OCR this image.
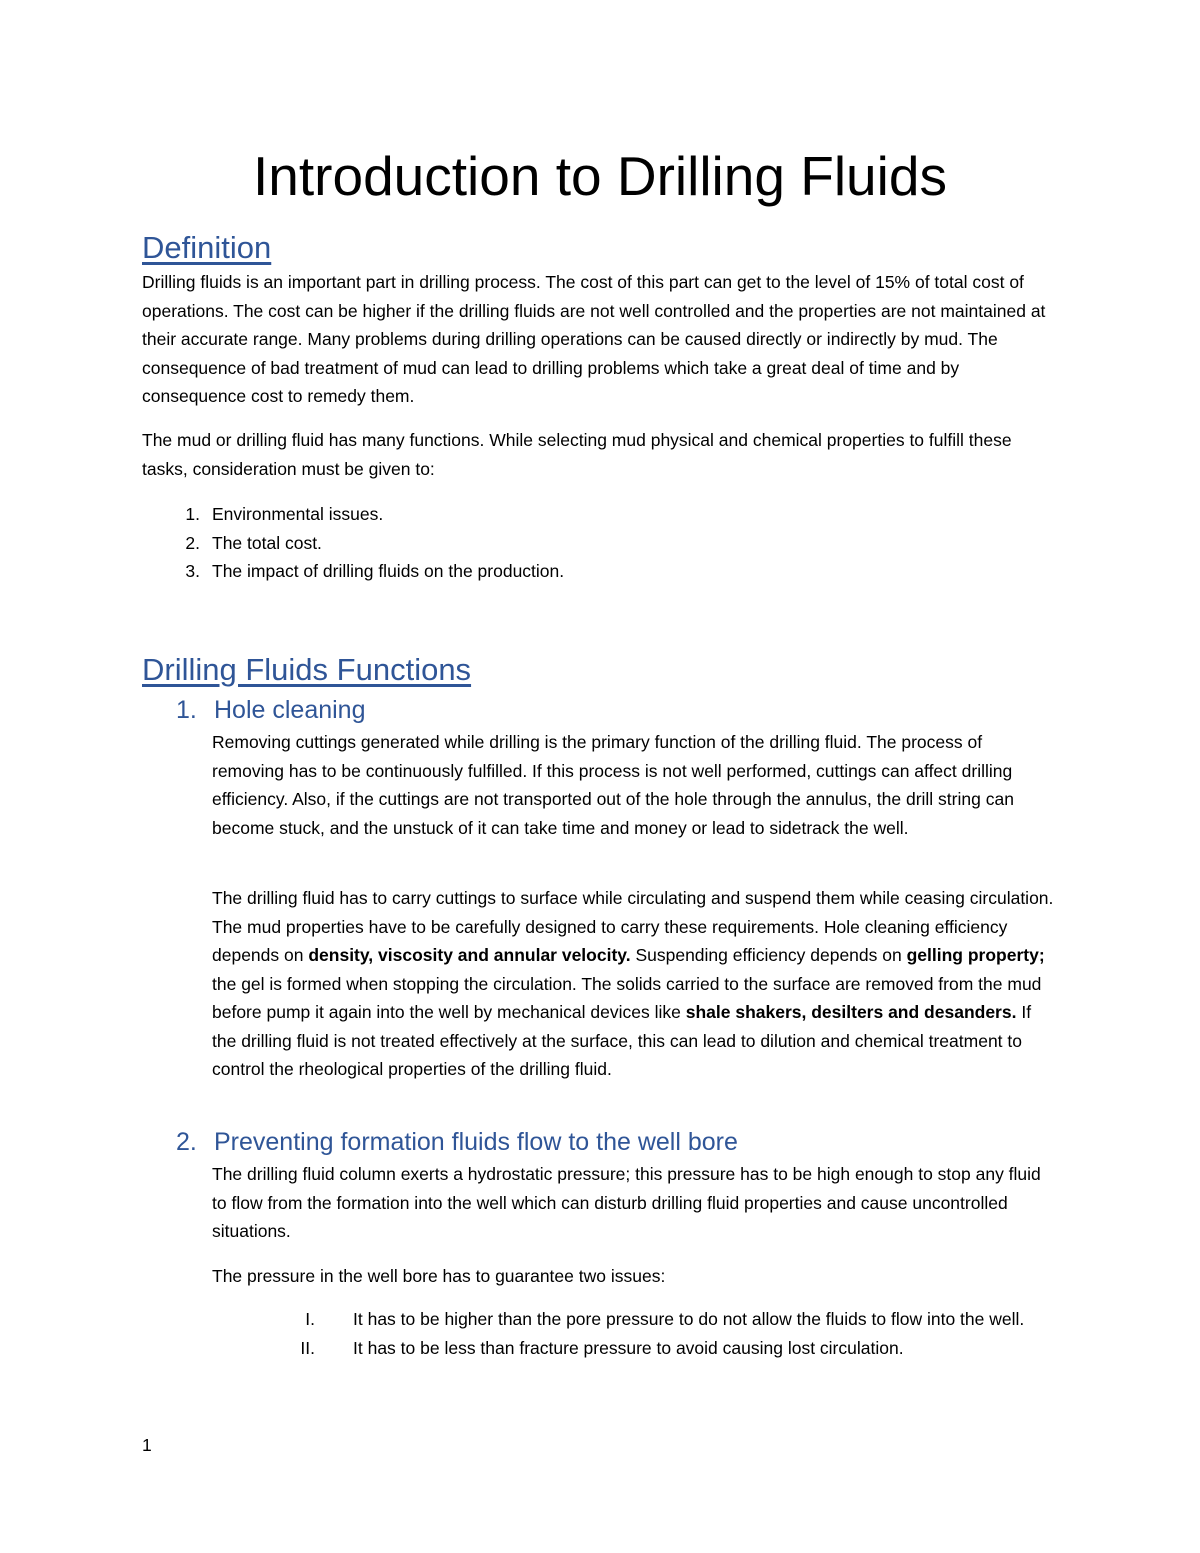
Introduction to Drilling Fluids
Definition

Drilling fluids is an important part in drilling process. The cost of this part can get to the level of 15% of total cost of operations. The cost can be higher if the drilling fluids are not well controlled and the properties are not maintained at their accurate range. Many problems during drilling operations can be caused directly or indirectly by mud. The consequence of bad treatment of mud can lead to drilling problems which take a great deal of time and by consequence cost to remedy them.

The mud or drilling fluid has many functions. While selecting mud physical and chemical properties to fulfill these tasks, consideration must be given to:

1. Environmental issues.
2. The total cost.
3. The impact of drilling fluids on the production.
Drilling Fluids Functions
1. Hole cleaning

Removing cuttings generated while drilling is the primary function of the drilling fluid. The process of removing has to be continuously fulfilled. If this process is not well performed, cuttings can affect drilling efficiency. Also, if the cuttings are not transported out of the hole through the annulus, the drill string can become stuck, and the unstuck of it can take time and money or lead to sidetrack the well.

The drilling fluid has to carry cuttings to surface while circulating and suspend them while ceasing circulation. The mud properties have to be carefully designed to carry these requirements. Hole cleaning efficiency depends on density, viscosity and annular velocity. Suspending efficiency depends on gelling property; the gel is formed when stopping the circulation. The solids carried to the surface are removed from the mud before pump it again into the well by mechanical devices like shale shakers, desilters and desanders. If the drilling fluid is not treated effectively at the surface, this can lead to dilution and chemical treatment to control the rheological properties of the drilling fluid.

2. Preventing formation fluids flow to the well bore

The drilling fluid column exerts a hydrostatic pressure; this pressure has to be high enough to stop any fluid to flow from the formation into the well which can disturb drilling fluid properties and cause uncontrolled situations.

The pressure in the well bore has to guarantee two issues:

I. It has to be higher than the pore pressure to do not allow the fluids to flow into the well.
II. It has to be less than fracture pressure to avoid causing lost circulation.
1
